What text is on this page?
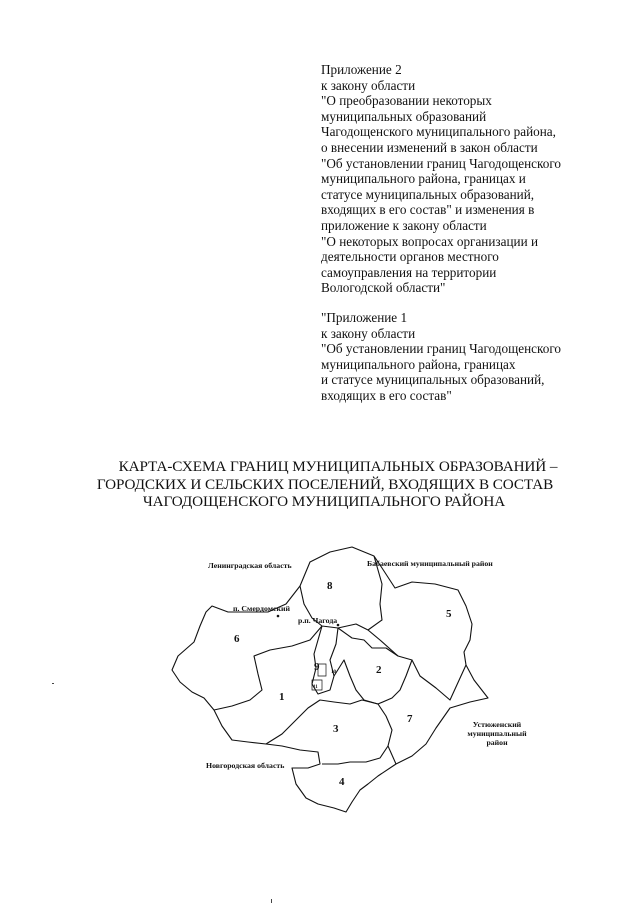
Приложение 2
к закону области
"О преобразовании некоторых
муниципальных образований
Чагодощенского муниципального района,
о внесении изменений в закон области
"Об установлении границ Чагодощенского
муниципального района, границах и
статусе муниципальных образований,
входящих в его состав" и изменения в
приложение к закону области
"О некоторых вопросах организации и
деятельности органов местного
самоуправления на территории
Вологодской области"
"Приложение 1
к закону области
"Об установлении границ Чагодощенского
муниципального района, границах
и статусе муниципальных образований,
входящих в его состав"
КАРТА-СХЕМА ГРАНИЦ МУНИЦИПАЛЬНЫХ ОБРАЗОВАНИЙ –
ГОРОДСКИХ И СЕЛЬСКИХ ПОСЕЛЕНИЙ, ВХОДЯЩИХ В СОСТАВ
ЧАГОДОЩЕНСКОГО МУНИЦИПАЛЬНОГО РАЙОНА
Ленинградская область	Бабаевский муниципальный район
Устюженский
муниципальный
район
Новгородская область
п. Смердомский
р.п. Чагода
1
2
3
4
5
6
7
8
9 10
11
